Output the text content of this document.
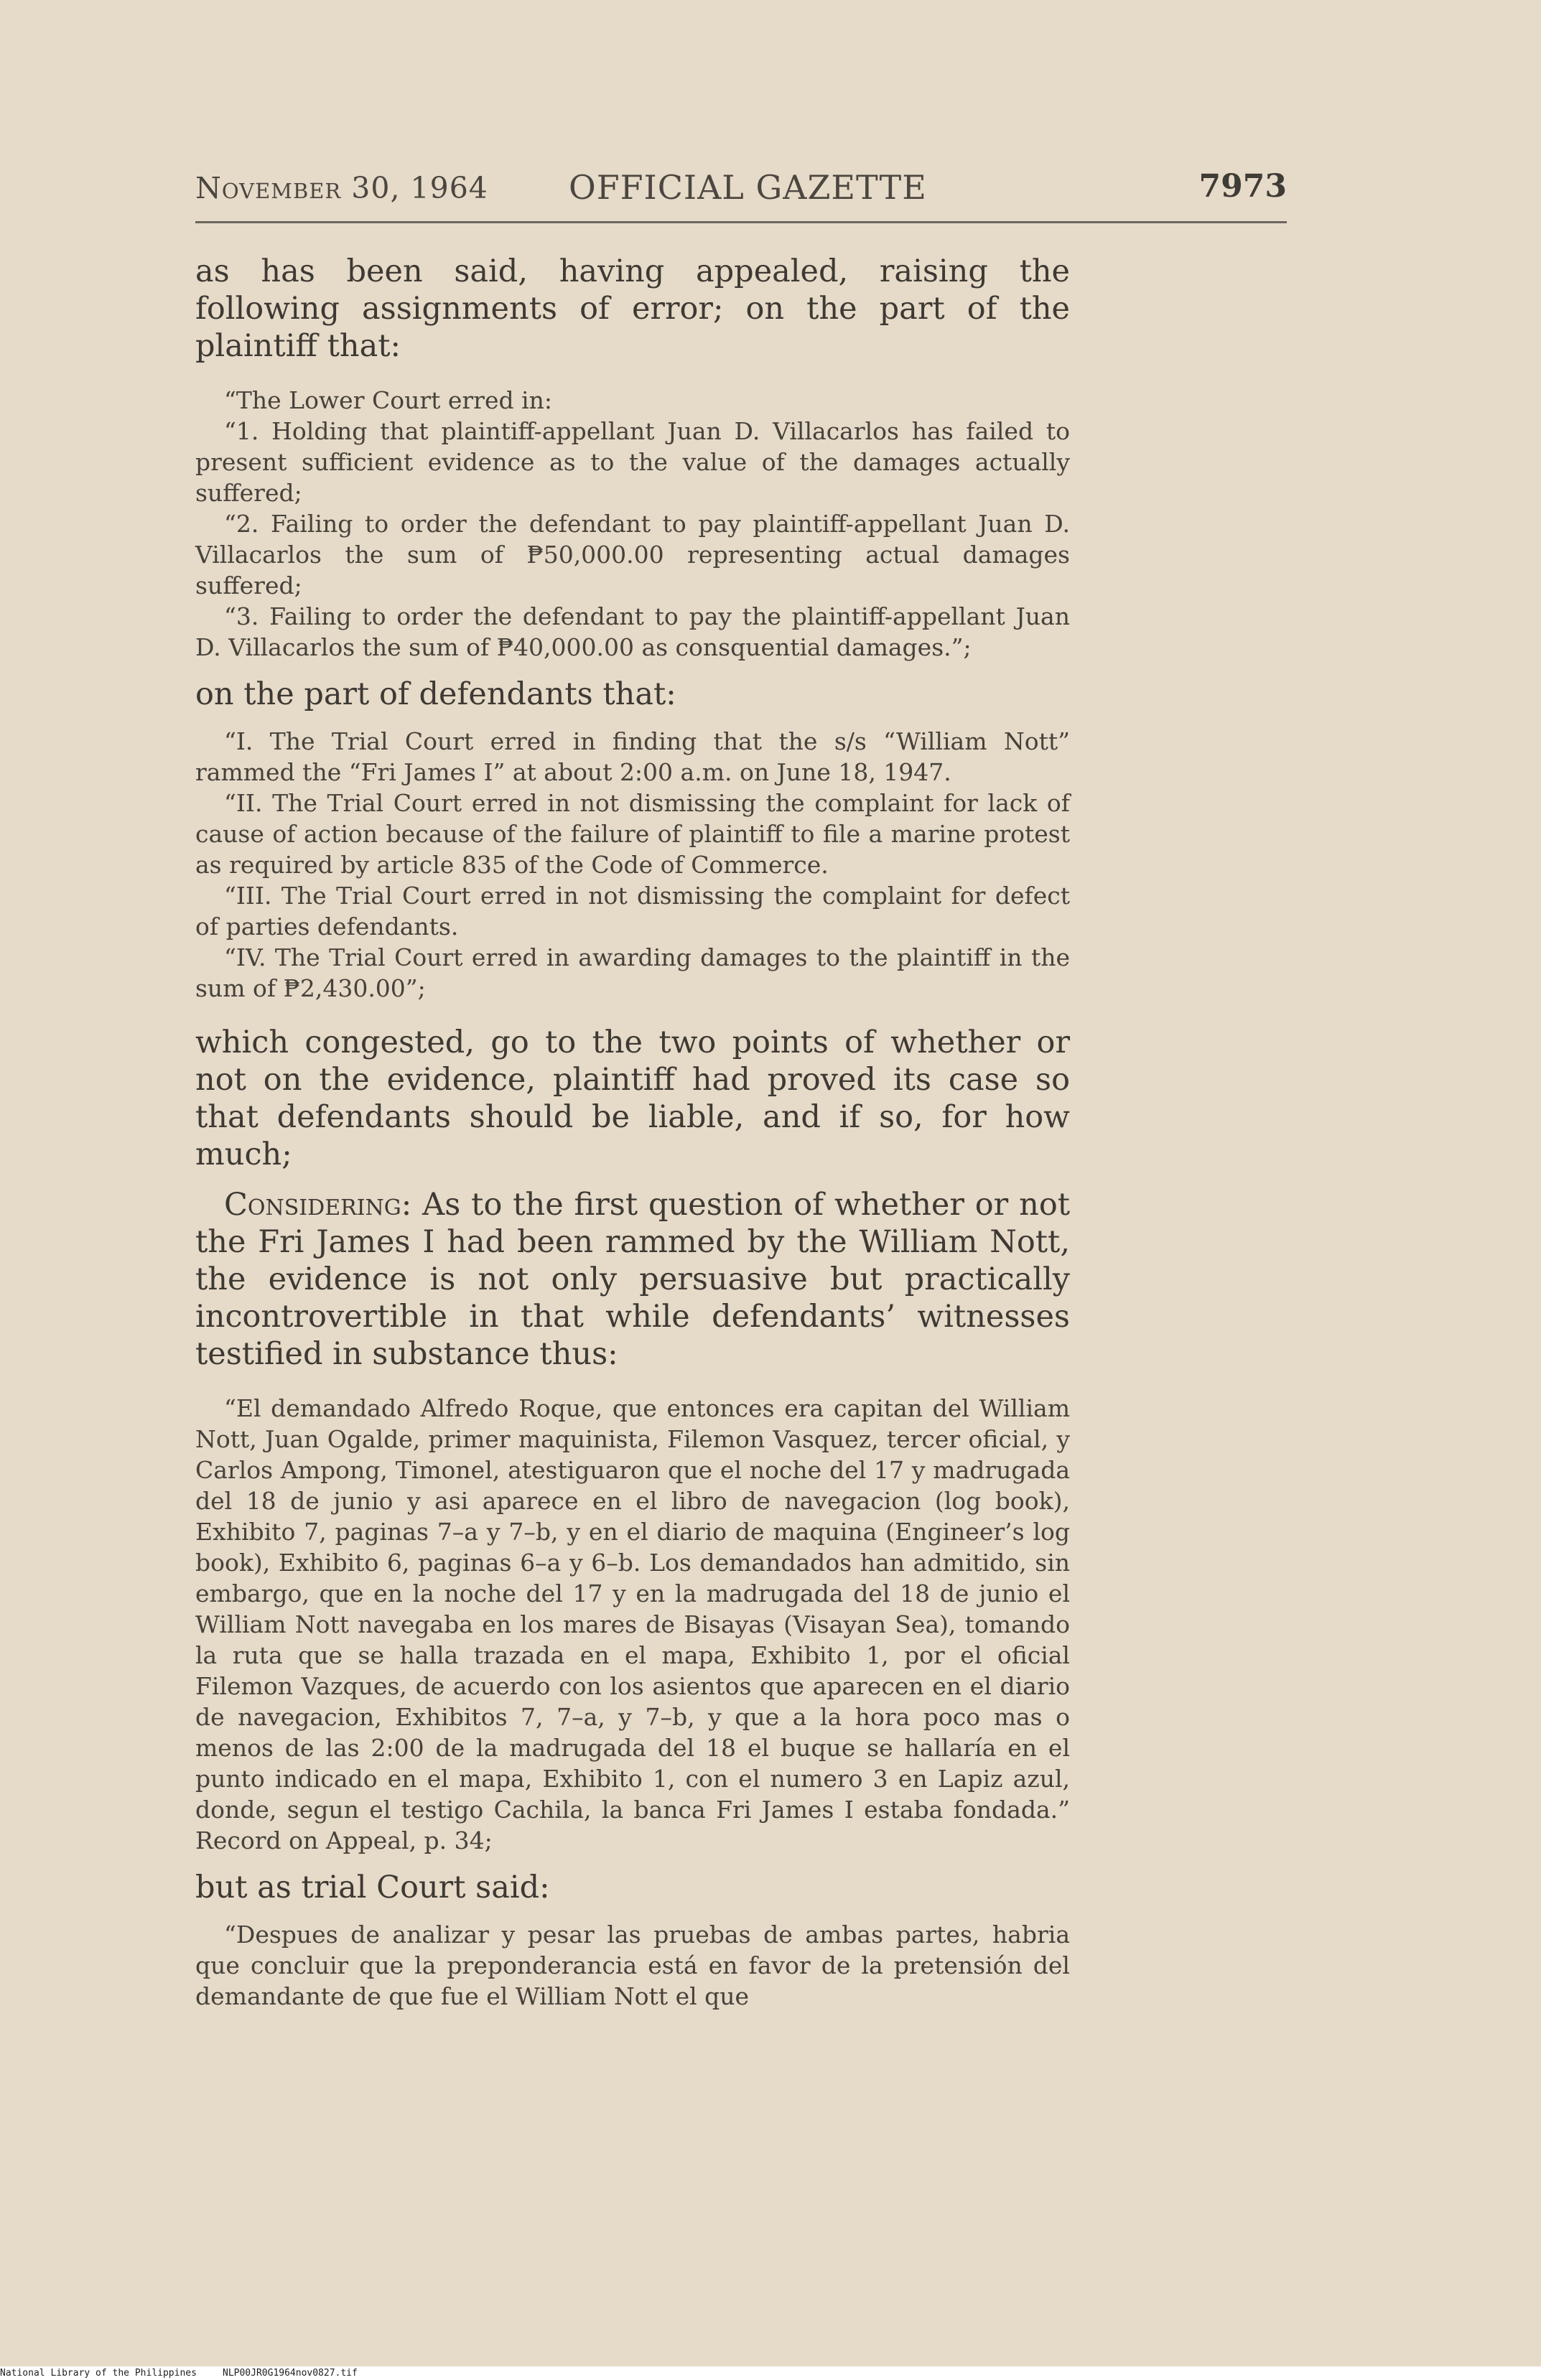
November 30, 1964 OFFICIAL GAZETTE	7973

as has been said, having appealed, raising the following assignments of error; on the part of the plaintiff that:

“The Lower Court erred in:

“1. Holding that plaintiff-appellant Juan D. Villacarlos has failed to present sufficient evidence as to the value of the damages actually suffered;

“2. Failing to order the defendant to pay plaintiff-appellant Juan D. Villacarlos the sum of ₱50,000.00 representing actual damages suffered;

“3. Failing to order the defendant to pay the plaintiff-appellant Juan D. Villacarlos the sum of ₱40,000.00 as consquential damages.”;

on the part of defendants that:

“I. The Trial Court erred in finding that the s/s “William Nott” rammed the “Fri James I” at about 2:00 a.m. on June 18, 1947.

“II. The Trial Court erred in not dismissing the complaint for lack of cause of action because of the failure of plaintiff to file a marine protest as required by article 835 of the Code of Commerce.

“III. The Trial Court erred in not dismissing the complaint for defect of parties defendants.

“IV. The Trial Court erred in awarding damages to the plaintiff in the sum of ₱2,430.00”;

which congested, go to the two points of whether or not on the evidence, plaintiff had proved its case so that defendants should be liable, and if so, for how much;

Considering: As to the first question of whether or not the Fri James I had been rammed by the William Nott, the evidence is not only persuasive but practically incontrovertible in that while defendants’ witnesses testified in substance thus:

“El demandado Alfredo Roque, que entonces era capitan del William Nott, Juan Ogalde, primer maquinista, Filemon Vasquez, tercer oficial, y Carlos Ampong, Timonel, atestiguaron que el noche del 17 y madrugada del 18 de junio y asi aparece en el libro de navegacion (log book), Exhibito 7, paginas 7–a y 7–b, y en el diario de maquina (Engineer’s log book), Exhibito 6, paginas 6–a y 6–b. Los demandados han admitido, sin embargo, que en la noche del 17 y en la madrugada del 18 de junio el William Nott navegaba en los mares de Bisayas (Visayan Sea), tomando la ruta que se halla trazada en el mapa, Exhibito 1, por el oficial Filemon Vazques, de acuerdo con los asientos que aparecen en el diario de navegacion, Exhibitos 7, 7–a, y 7–b, y que a la hora poco mas o menos de las 2:00 de la madrugada del 18 el buque se hallaría en el punto indicado en el mapa, Exhibito 1, con el numero 3 en Lapiz azul, donde, segun el testigo Cachila, la banca Fri James I estaba fondada.” Record on Appeal, p. 34;

but as trial Court said:

“Despues de analizar y pesar las pruebas de ambas partes, habria que concluir que la preponderancia está en favor de la pretensión del demandante de que fue el William Nott el que

National Library of the Philippines	NLP00JR0G1964nov0827.tif
